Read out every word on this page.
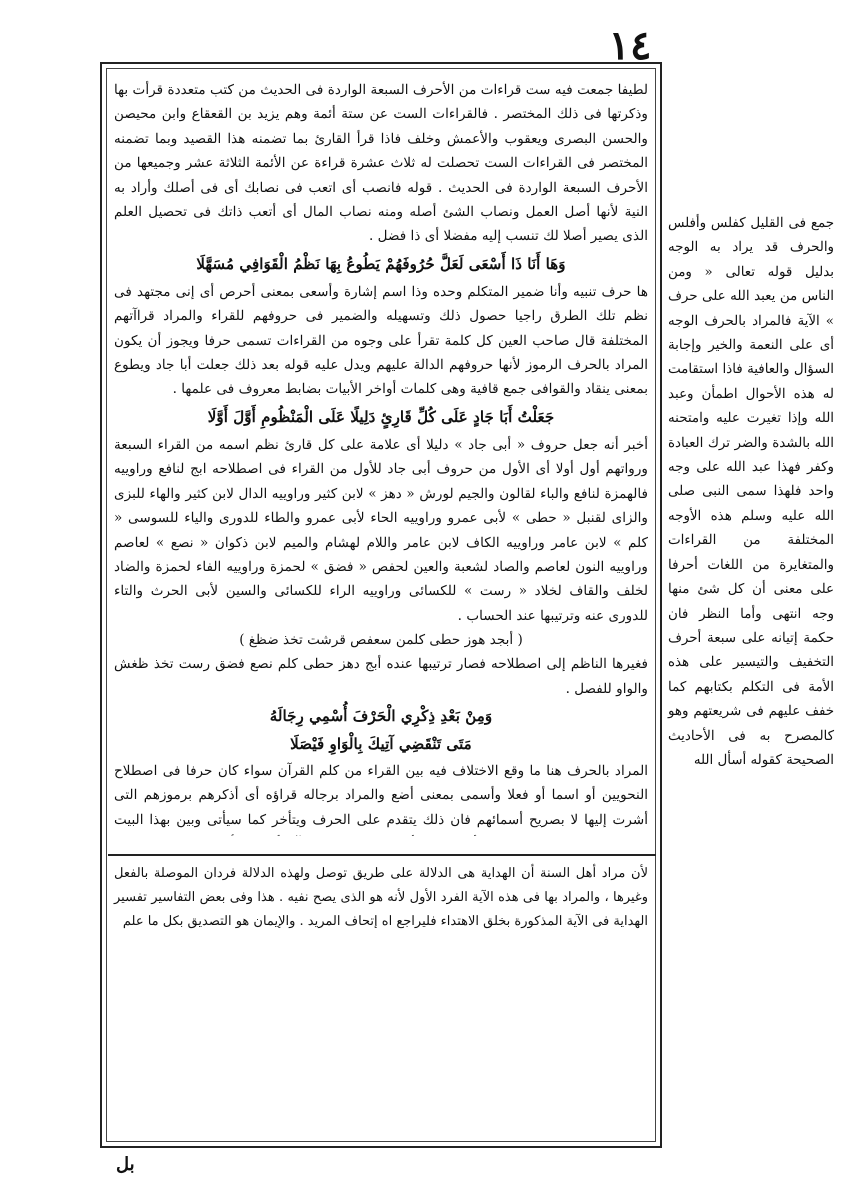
١٤

لطيفا جمعت فيه ست قراءات من الأحرف السبعة الواردة فى الحديث من كتب متعددة قرأت بها وذكرتها فى ذلك المختصر . فالقراءات الست عن ستة أئمة وهم يزيد بن القعقاع وابن محيصن والحسن البصرى ويعقوب والأعمش وخلف فاذا قرأ القارئ بما تضمنه هذا القصيد وبما تضمنه المختصر فى القراءات الست تحصلت له ثلاث عشرة قراءة عن الأئمة الثلاثة عشر وجميعها من الأحرف السبعة الواردة فى الحديث . قوله فانصب أى اتعب فى نصابك أى فى أصلك وأراد به النية لأنها أصل العمل ونصاب الشئ أصله ومنه نصاب المال أى أتعب ذاتك فى تحصيل العلم الذى يصير أصلا لك تنسب إليه مفضلا أى ذا فضل .

وَهَا أَنَا ذَا أَسْعَى لَعَلَّ حُرُوفَهُمْ يَطُوعُ بِهَا نَظْمُ الْقَوَافِي مُسَهَّلَا

ها حرف تنبيه وأنا ضمير المتكلم وحده وذا اسم إشارة وأسعى بمعنى أحرص أى إنى مجتهد فى نظم تلك الطرق راجيا حصول ذلك وتسهيله والضمير فى حروفهم للقراء والمراد قراآتهم المختلفة قال صاحب العين كل كلمة تقرأ على وجوه من القراءات تسمى حرفا ويجوز أن يكون المراد بالحرف الرموز لأنها حروفهم الدالة عليهم ويدل عليه قوله بعد ذلك جعلت أبا جاد ويطوع بمعنى ينقاد والقوافى جمع قافية وهى كلمات أواخر الأبيات بضابط معروف فى علمها .

جَعَلْتُ أَبَا جَادٍ عَلَى كُلِّ قَارِئٍ دَلِيلًا عَلَى الْمَنْظُومِ أَوَّلَ أَوَّلَا

أخبر أنه جعل حروف « أبى جاد » دليلا أى علامة على كل قارئ نظم اسمه من القراء السبعة ورواتهم أول أولا أى الأول من حروف أبى جاد للأول من القراء فى اصطلاحه ابج لنافع وراوييه فالهمزة لنافع والباء لقالون والجيم لورش « دهز » لابن كثير وراوييه الدال لابن كثير والهاء للبزى والزاى لقنبل « حطى » لأبى عمرو وراوييه الحاء لأبى عمرو والطاء للدورى والياء للسوسى « كلم » لابن عامر وراوييه الكاف لابن عامر واللام لهشام والميم لابن ذكوان « نصع » لعاصم وراوييه النون لعاصم والصاد لشعبة والعين لحفص « فضق » لحمزة وراوييه الفاء لحمزة والضاد لخلف والقاف لخلاد « رست » للكسائى وراوييه الراء للكسائى والسين لأبى الحرث والتاء للدورى عنه وترتيبها عند الحساب .

( أبجد هوز حطى كلمن سعفص قرشت تخذ ضظغ )

فغيرها الناظم إلى اصطلاحه فصار ترتيبها عنده أبج دهز حطى كلم نصع فضق رست تخذ ظغش والواو للفصل .

وَمِنْ بَعْدِ ذِكْرِي الْحَرْفَ أُسْمِي رِجَالَهُ
مَتَى تَنْقَضِي آتِيكَ بِالْوَاوِ فَيْصَلَا

المراد بالحرف هنا ما وقع الاختلاف فيه بين القراء من كلم القرآن سواء كان حرفا فى اصطلاح النحويين أو اسما أو فعلا وأسمى بمعنى أضع والمراد برجاله قراؤه أى أذكرهم برموزهم التى أشرت إليها لا بصريح أسمائهم فان ذلك يتقدم على الحرف ويتأخر كما سيأتى وبين بهذا البيت

لأن مراد أهل السنة أن الهداية هى الدلالة على طريق توصل ولهذه الدلالة فردان الموصلة بالفعل وغيرها ، والمراد بها فى هذه الآية الفرد الأول لأنه هو الذى يصح نفيه . هذا وفى بعض التفاسير تفسير الهداية فى الآية المذكورة بخلق الاهتداء فليراجع اه إتحاف المريد . والإيمان هو التصديق بكل ما علم

بل

جمع فى القليل كفلس وأفلس والحرف قد يراد به الوجه بدليل قوله تعالى « ومن الناس من يعبد الله على حرف » الآية فالمراد بالحرف الوجه أى على النعمة والخير وإجابة السؤال والعافية فاذا استقامت له هذه الأحوال اطمأن وعبد الله وإذا تغيرت عليه وامتحنه الله بالشدة والضر ترك العبادة وكفر فهذا عبد الله على وجه واحد فلهذا سمى النبى صلى الله عليه وسلم هذه الأوجه المختلفة من القراءات والمتغايرة من اللغات أحرفا على معنى أن كل شئ منها وجه انتهى وأما النظر فان حكمة إتيانه على سبعة أحرف التخفيف والتيسير على هذه الأمة فى التكلم بكتابهم كما خفف عليهم فى شريعتهم وهو كالمصرح به فى الأحاديث الصحيحة كقوله أسأل الله
